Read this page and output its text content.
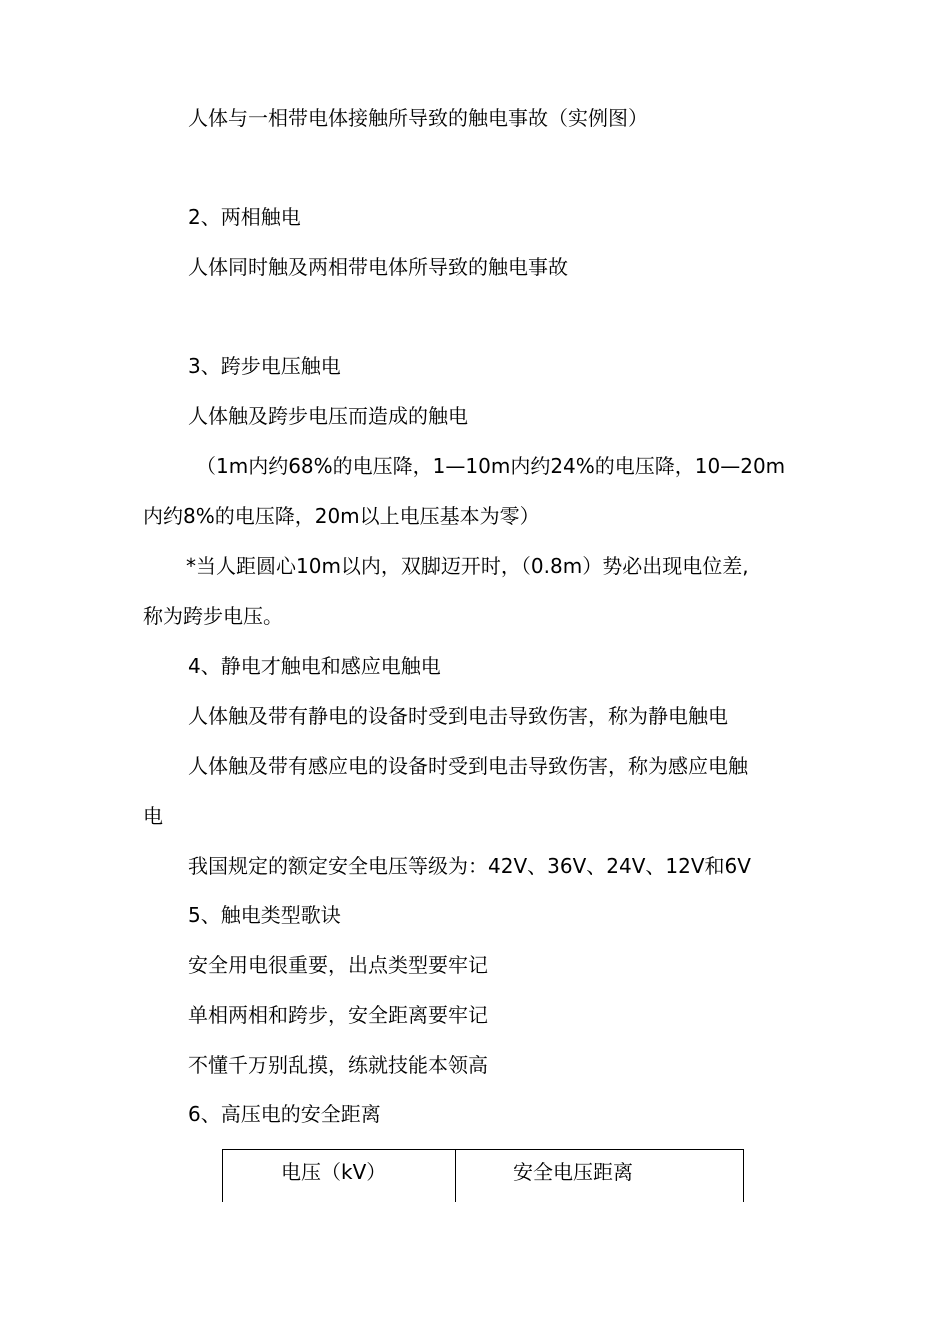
人体与一相带电体接触所导致的触电事故（实例图）
2、两相触电
人体同时触及两相带电体所导致的触电事故
3、跨步电压触电
人体触及跨步电压而造成的触电
（1m内约68%的电压降，1—10m内约24%的电压降，10—20m
内约8%的电压降，20m以上电压基本为零）
*当人距圆心10m以内，双脚迈开时，（0.8m）势必出现电位差,
称为跨步电压。
4、静电才触电和感应电触电
人体触及带有静电的设备时受到电击导致伤害，称为静电触电
人体触及带有感应电的设备时受到电击导致伤害，称为感应电触
电
我国规定的额定安全电压等级为：42V、36V、24V、12V和6V
5、触电类型歌诀
安全用电很重要，出点类型要牢记
单相两相和跨步，安全距离要牢记
不懂千万别乱摸，练就技能本领高
6、高压电的安全距离
电压（kV）	安全电压距离
